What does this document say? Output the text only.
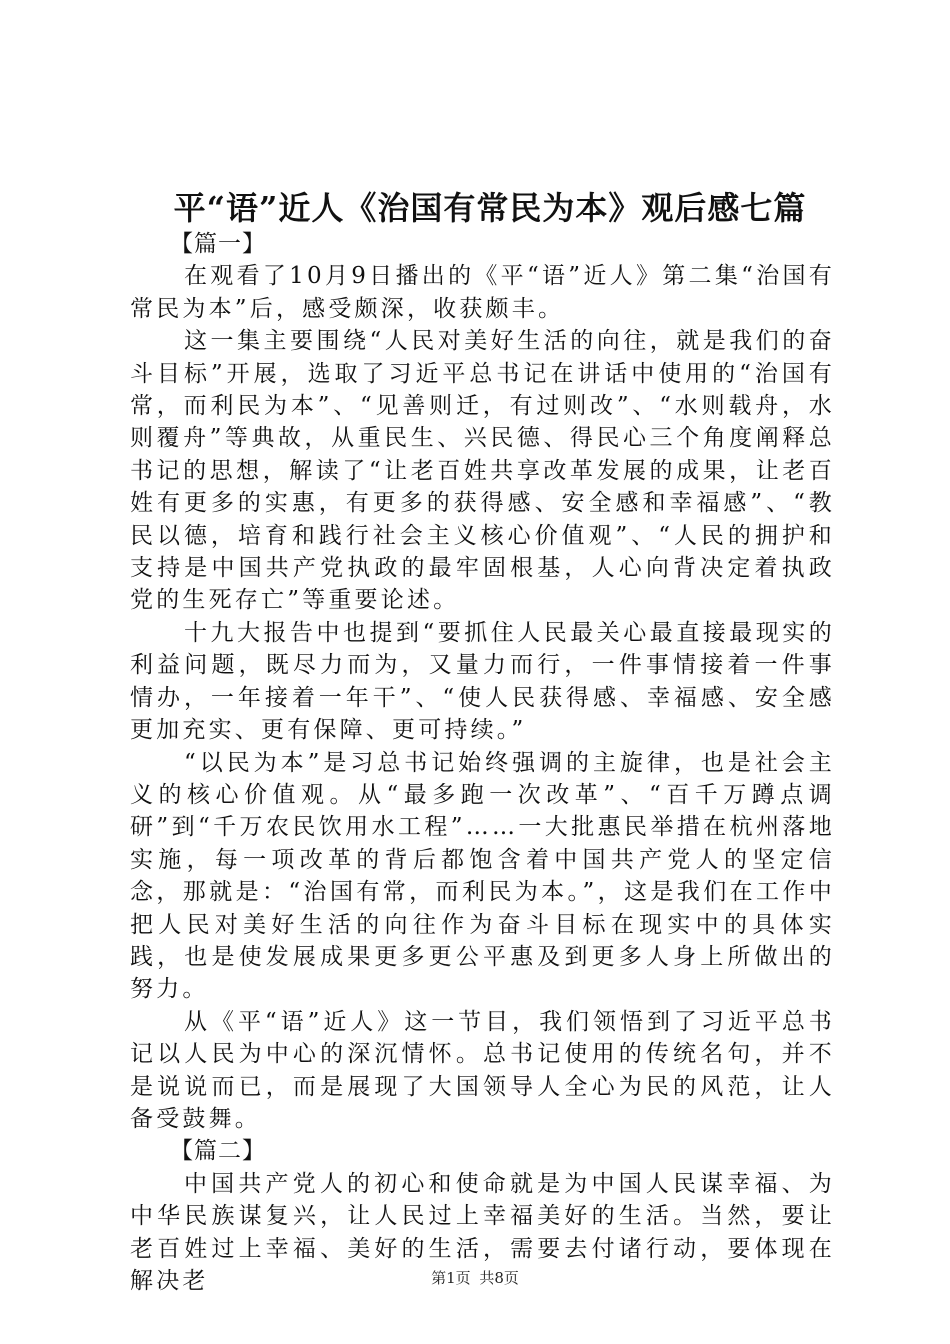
平“语”近人《治国有常民为本》观后感七篇

【篇一】

在观看了10月9日播出的《平“语”近人》第二集“治国有常民为本”后，感受颇深，收获颇丰。

这一集主要围绕“人民对美好生活的向往，就是我们的奋斗目标”开展，选取了习近平总书记在讲话中使用的“治国有常，而利民为本”、“见善则迁，有过则改”、“水则载舟，水则覆舟”等典故，从重民生、兴民德、得民心三个角度阐释总书记的思想，解读了“让老百姓共享改革发展的成果，让老百姓有更多的实惠，有更多的获得感、安全感和幸福感”、“教民以德，培育和践行社会主义核心价值观”、“人民的拥护和支持是中国共产党执政的最牢固根基，人心向背决定着执政党的生死存亡”等重要论述。

十九大报告中也提到“要抓住人民最关心最直接最现实的利益问题，既尽力而为，又量力而行，一件事情接着一件事情办，一年接着一年干”、“使人民获得感、幸福感、安全感更加充实、更有保障、更可持续。”

“以民为本”是习总书记始终强调的主旋律，也是社会主义的核心价值观。从“最多跑一次改革”、“百千万蹲点调研”到“千万农民饮用水工程”……一大批惠民举措在杭州落地实施，每一项改革的背后都饱含着中国共产党人的坚定信念，那就是：“治国有常，而利民为本。”，这是我们在工作中把人民对美好生活的向往作为奋斗目标在现实中的具体实践，也是使发展成果更多更公平惠及到更多人身上所做出的努力。

从《平“语”近人》这一节目，我们领悟到了习近平总书记以人民为中心的深沉情怀。总书记使用的传统名句，并不是说说而已，而是展现了大国领导人全心为民的风范，让人备受鼓舞。

【篇二】

中国共产党人的初心和使命就是为中国人民谋幸福、为中华民族谋复兴，让人民过上幸福美好的生活。当然，要让老百姓过上幸福、美好的生活，需要去付诸行动，要体现在解决老	第1页 共8页
